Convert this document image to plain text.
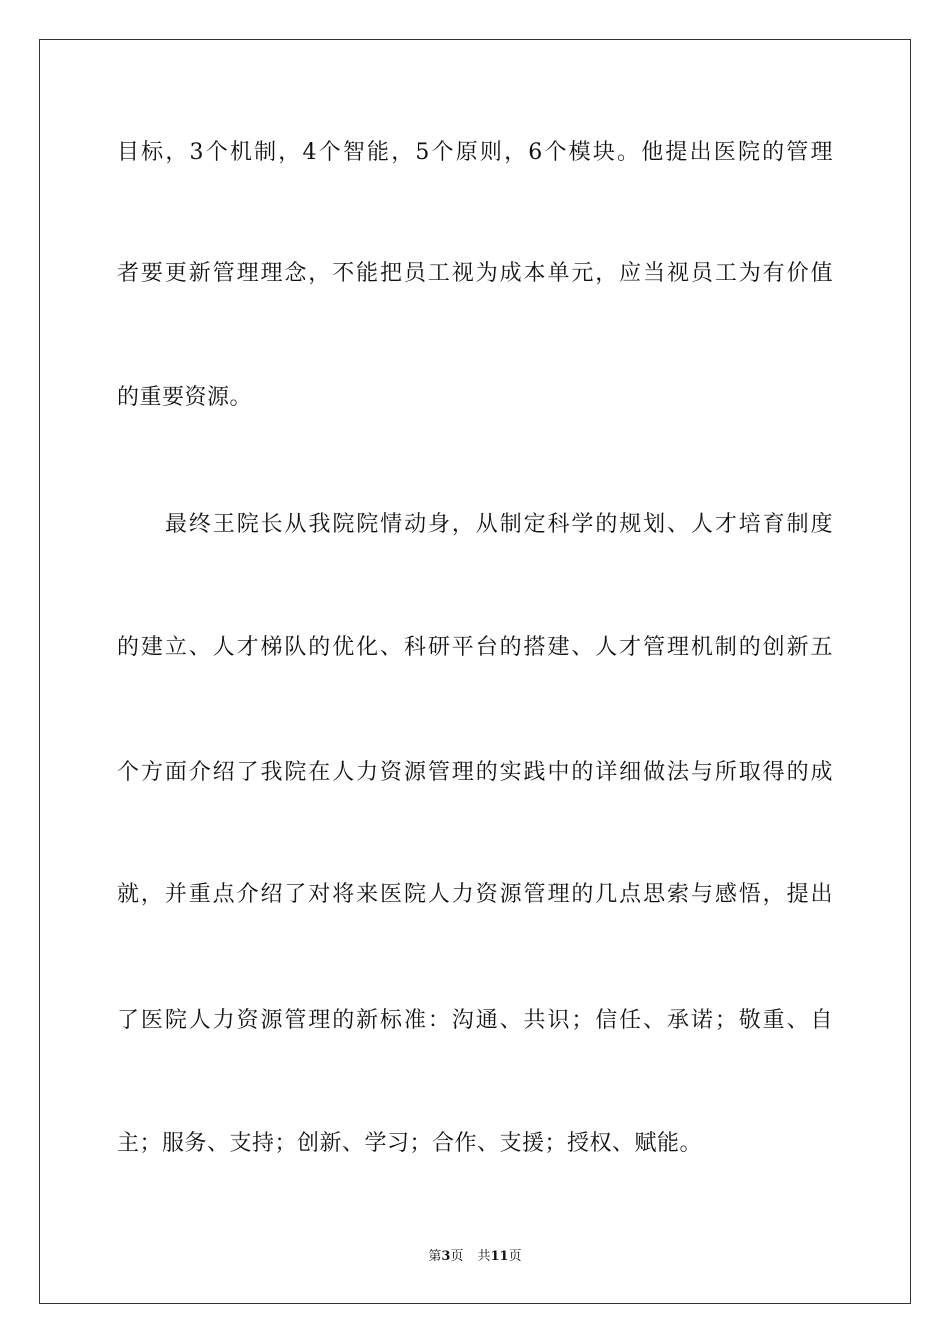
目标，3个机制，4个智能，5个原则，6个模块。他提出医院的管理
者要更新管理理念，不能把员工视为成本单元，应当视员工为有价值
的重要资源。
最终王院长从我院院情动身，从制定科学的规划、人才培育制度
的建立、人才梯队的优化、科研平台的搭建、人才管理机制的创新五
个方面介绍了我院在人力资源管理的实践中的详细做法与所取得的成
就，并重点介绍了对将来医院人力资源管理的几点思索与感悟，提出
了医院人力资源管理的新标准：沟通、共识；信任、承诺；敬重、自
主；服务、支持；创新、学习；合作、支援；授权、赋能。
第3页 共11页
